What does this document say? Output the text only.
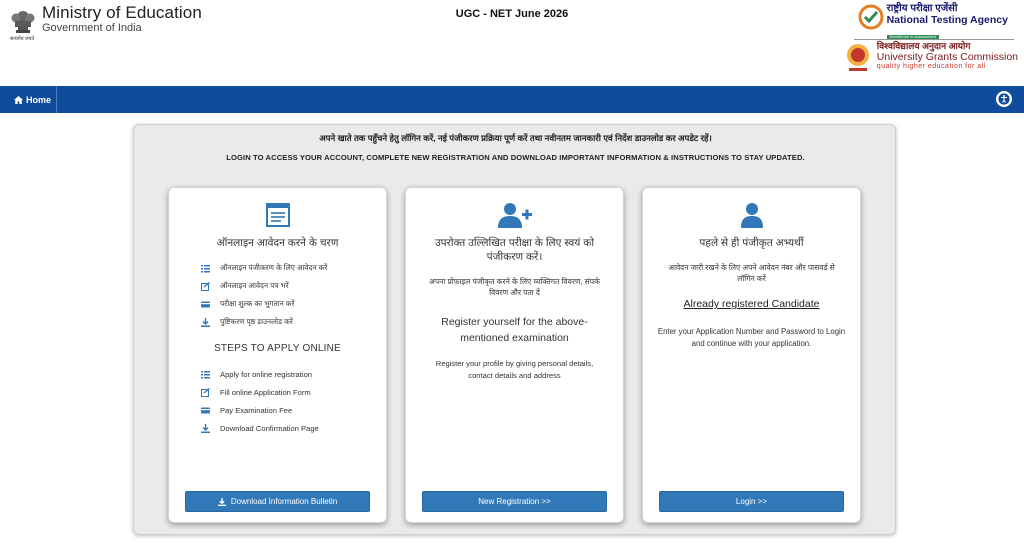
सत्यमेव जयते
Ministry of Education
Government of India
UGC - NET June 2026	राष्ट्रीय परीक्षा एजेंसी
National Testing Agency
Excellence in Assessment
विश्वविद्यालय अनुदान आयोग
University Grants Commission
quality higher education for all
Home
अपने खाते तक पहुँचने हेतु लॉगिन करें, नई पंजीकरण प्रक्रिया पूर्ण करें तथा नवीनतम जानकारी एवं निर्देश डाउनलोड कर अपडेट रहें।
LOGIN TO ACCESS YOUR ACCOUNT, COMPLETE NEW REGISTRATION AND DOWNLOAD IMPORTANT INFORMATION & INSTRUCTIONS TO STAY UPDATED.
ऑनलाइन आवेदन करने के चरण
ऑनलाइन पंजीकरण के लिए आवेदन करें
ऑनलाइन आवेदन पत्र भरें
परीक्षा शुल्क का भुगतान करें
पुष्टिकरण पृष्ठ डाउनलोड करें
STEPS TO APPLY ONLINE
Apply for online registration
Fill online Application Form
Pay Examination Fee
Download Confirmation Page
Download Information Bulletin
उपरोक्त उल्लिखित परीक्षा के लिए स्वयं को पंजीकरण करें।
अपना प्रोफ़ाइल पंजीकृत करने के लिए व्यक्तिगत विवरण, संपर्क विवरण और पता दें
Register yourself for the above-mentioned examination
Register your profile by giving personal details, contact details and address
New Registration >>
पहले से ही पंजीकृत अभ्यर्थी
आवेदन जारी रखने के लिए अपने आवेदन नंबर और पासवर्ड से लॉगिन करें
Already registered Candidate
Enter your Application Number and Password to Login and continue with your application.
Login >>
